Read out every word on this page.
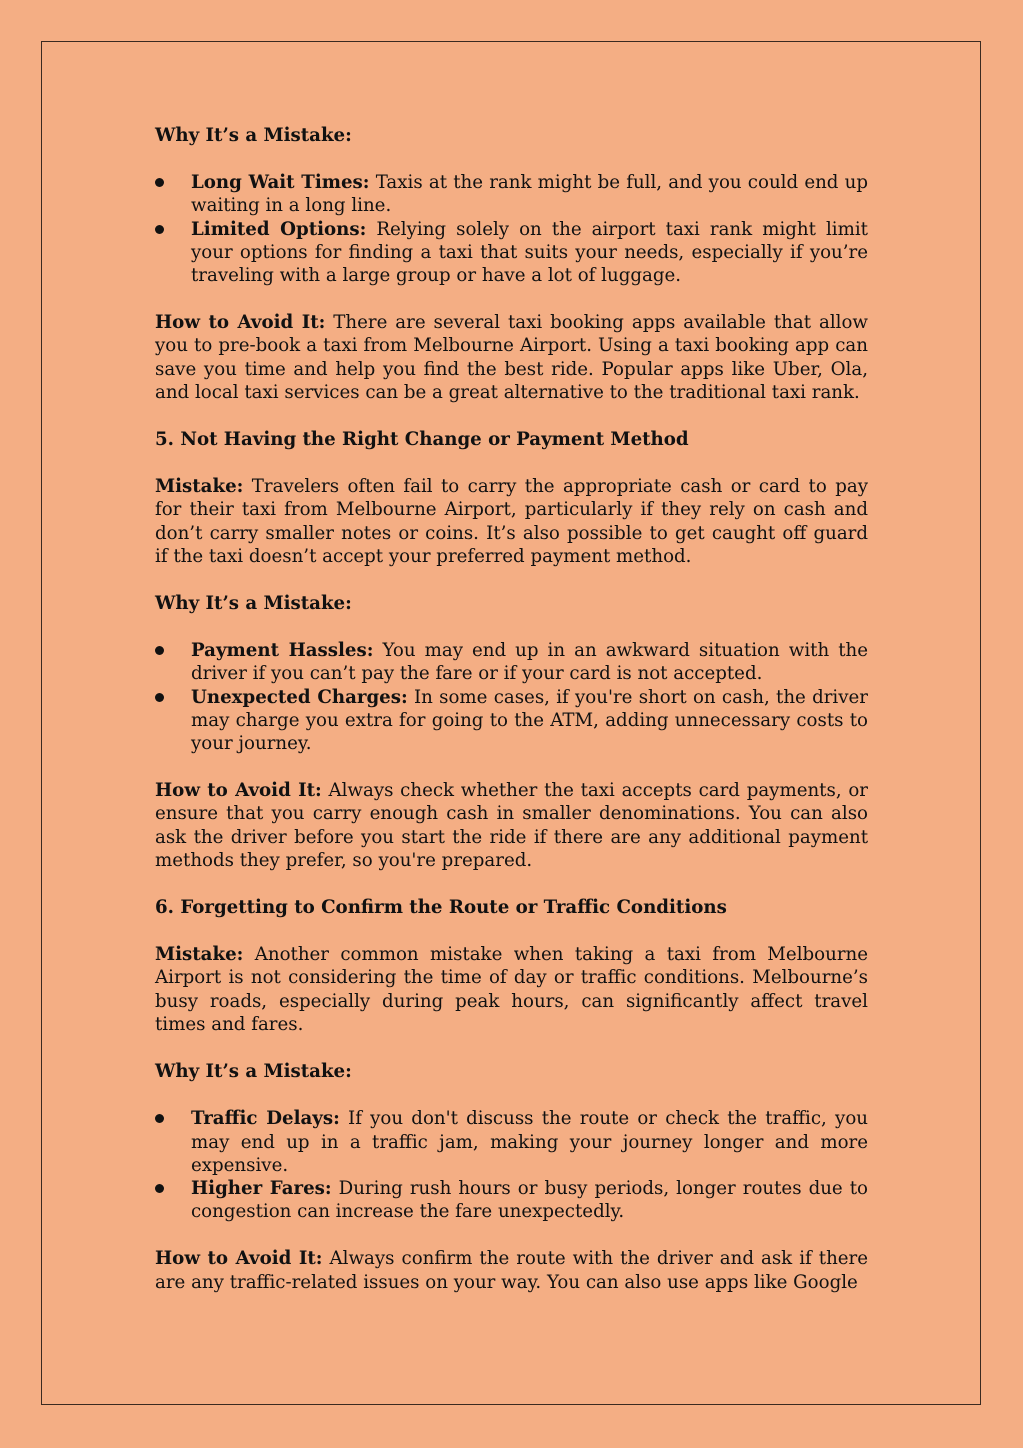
Why It’s a Mistake:
Long Wait Times: Taxis at the rank might be full, and you could end up waiting in a long line.
Limited Options: Relying solely on the airport taxi rank might limit your options for finding a taxi that suits your needs, especially if you’re traveling with a large group or have a lot of luggage.

How to Avoid It: There are several taxi booking apps available that allow you to pre-book a taxi from Melbourne Airport. Using a taxi booking app can save you time and help you find the best ride. Popular apps like Uber, Ola, and local taxi services can be a great alternative to the traditional taxi rank.

5. Not Having the Right Change or Payment Method

Mistake: Travelers often fail to carry the appropriate cash or card to pay for their taxi from Melbourne Airport, particularly if they rely on cash and don’t carry smaller notes or coins. It’s also possible to get caught off guard if the taxi doesn’t accept your preferred payment method.

Why It’s a Mistake:
Payment Hassles: You may end up in an awkward situation with the driver if you can’t pay the fare or if your card is not accepted.
Unexpected Charges: In some cases, if you're short on cash, the driver may charge you extra for going to the ATM, adding unnecessary costs to your journey.

How to Avoid It: Always check whether the taxi accepts card payments, or ensure that you carry enough cash in smaller denominations. You can also ask the driver before you start the ride if there are any additional payment methods they prefer, so you're prepared.

6. Forgetting to Confirm the Route or Traffic Conditions

Mistake: Another common mistake when taking a taxi from Melbourne Airport is not considering the time of day or traffic conditions. Melbourne’s busy roads, especially during peak hours, can significantly affect travel times and fares.

Why It’s a Mistake:
Traffic Delays: If you don't discuss the route or check the traffic, you may end up in a traffic jam, making your journey longer and more expensive.
Higher Fares: During rush hours or busy periods, longer routes due to congestion can increase the fare unexpectedly.

How to Avoid It: Always confirm the route with the driver and ask if there are any traffic-related issues on your way. You can also use apps like Google
